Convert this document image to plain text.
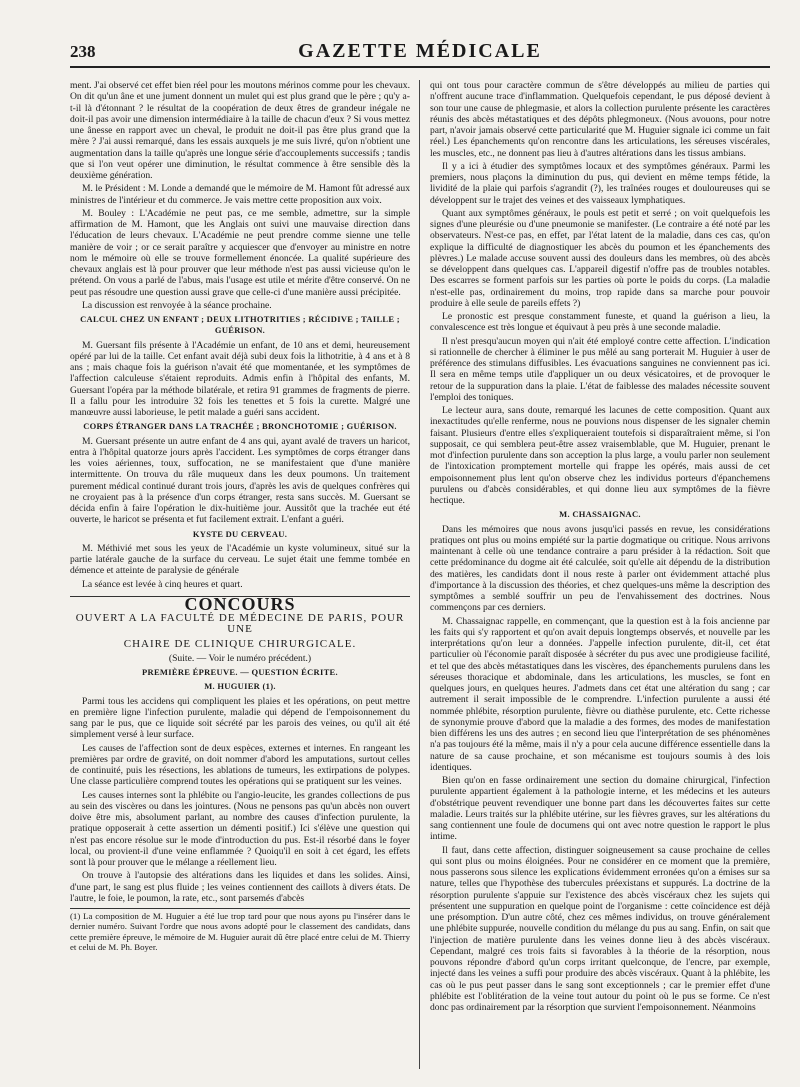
238	GAZETTE MÉDICALE

ment. J'ai observé cet effet bien réel pour les moutons mérinos comme pour les chevaux. On dit qu'un âne et une jument donnent un mulet qui est plus grand que le père ; qu'y a-t-il là d'étonnant ? le résultat de la coopération de deux êtres de grandeur inégale ne doit-il pas avoir une dimension intermédiaire à la taille de chacun d'eux ? Si vous mettez une ânesse en rapport avec un cheval, le produit ne doit-il pas être plus grand que la mère ? J'ai aussi remarqué, dans les essais auxquels je me suis livré, qu'on n'obtient une augmentation dans la taille qu'après une longue série d'accouplements successifs ; tandis que si l'on veut opérer une diminution, le résultat commence à être sensible dès la deuxième génération.

M. le Président : M. Londe a demandé que le mémoire de M. Hamont fût adressé aux ministres de l'intérieur et du commerce. Je vais mettre cette proposition aux voix.

M. Bouley : L'Académie ne peut pas, ce me semble, admettre, sur la simple affirmation de M. Hamont, que les Anglais ont suivi une mauvaise direction dans l'éducation de leurs chevaux. L'Académie ne peut prendre comme sienne une telle manière de voir ; or ce serait paraître y acquiescer que d'envoyer au ministre en notre nom le mémoire où elle se trouve formellement énoncée. La qualité supérieure des chevaux anglais est là pour prouver que leur méthode n'est pas aussi vicieuse qu'on le prétend. On vous a parlé de l'abus, mais l'usage est utile et mérite d'être conservé. On ne peut pas résoudre une question aussi grave que celle-ci d'une manière aussi précipitée.

La discussion est renvoyée à la séance prochaine.

CALCUL CHEZ UN ENFANT ; DEUX LITHOTRITIES ; RÉCIDIVE ; TAILLE ; GUÉRISON.

M. Guersant fils présente à l'Académie un enfant, de 10 ans et demi, heureusement opéré par lui de la taille. Cet enfant avait déjà subi deux fois la lithotritie, à 4 ans et à 8 ans ; mais chaque fois la guérison n'avait été que momentanée, et les symptômes de l'affection calculeuse s'étaient reproduits. Admis enfin à l'hôpital des enfants, M. Guersant l'opéra par la méthode bilatérale, et retira 91 grammes de fragments de pierre. Il a fallu pour les introduire 32 fois les tenettes et 5 fois la curette. Malgré une manœuvre aussi laborieuse, le petit malade a guéri sans accident.

CORPS ÉTRANGER DANS LA TRACHÉE ; BRONCHOTOMIE ; GUÉRISON.

M. Guersant présente un autre enfant de 4 ans qui, ayant avalé de travers un haricot, entra à l'hôpital quatorze jours après l'accident. Les symptômes de corps étranger dans les voies aériennes, toux, suffocation, ne se manifestaient que d'une manière intermittente. On trouva du râle muqueux dans les deux poumons. Un traitement purement médical continué durant trois jours, d'après les avis de quelques confrères qui ne croyaient pas à la présence d'un corps étranger, resta sans succès. M. Guersant se décida enfin à faire l'opération le dix-huitième jour. Aussitôt que la trachée eut été ouverte, le haricot se présenta et fut facilement extrait. L'enfant a guéri.

KYSTE DU CERVEAU.

M. Méthivié met sous les yeux de l'Académie un kyste volumineux, situé sur la partie latérale gauche de la surface du cerveau. Le sujet était une femme tombée en démence et atteinte de paralysie de générale

La séance est levée à cinq heures et quart.

CONCOURS

OUVERT A LA FACULTÉ DE MÉDECINE DE PARIS, POUR UNE

CHAIRE DE CLINIQUE CHIRURGICALE.

(Suite. — Voir le numéro précédent.)

PREMIÈRE ÉPREUVE. — QUESTION ÉCRITE.

M. HUGUIER (1).

Parmi tous les accidens qui compliquent les plaies et les opérations, on peut mettre en première ligne l'infection purulente, maladie qui dépend de l'empoisonnement du sang par le pus, que ce liquide soit sécrété par les parois des veines, ou qu'il ait été simplement versé à leur surface.

Les causes de l'affection sont de deux espèces, externes et internes. En rangeant les premières par ordre de gravité, on doit nommer d'abord les amputations, surtout celles de continuité, puis les résections, les ablations de tumeurs, les extirpations de polypes. Une classe particulière comprend toutes les opérations qui se pratiquent sur les veines.

Les causes internes sont la phlébite ou l'angio-leucite, les grandes collections de pus au sein des viscères ou dans les jointures. (Nous ne pensons pas qu'un abcès non ouvert doive être mis, absolument parlant, au nombre des causes d'infection purulente, la pratique opposerait à cette assertion un démenti positif.) Ici s'élève une question qui n'est pas encore résolue sur le mode d'introduction du pus. Est-il résorbé dans le foyer local, ou provient-il d'une veine enflammée ? Quoiqu'il en soit à cet égard, les effets sont là pour prouver que le mélange a réellement lieu.

On trouve à l'autopsie des altérations dans les liquides et dans les solides. Ainsi, d'une part, le sang est plus fluide ; les veines contiennent des caillots à divers états. De l'autre, le foie, le poumon, la rate, etc., sont parsemés d'abcès

(1) La composition de M. Huguier a été lue trop tard pour que nous ayons pu l'insérer dans le dernier numéro. Suivant l'ordre que nous avons adopté pour le classement des candidats, dans cette première épreuve, le mémoire de M. Huguier aurait dû être placé entre celui de M. Thierry et celui de M. Ph. Boyer.

qui ont tous pour caractère commun de s'être développés au milieu de parties qui n'offrent aucune trace d'inflammation. Quelquefois cependant, le pus déposé devient à son tour une cause de phlegmasie, et alors la collection purulente présente les caractères réunis des abcès métastatiques et des dépôts phlegmoneux. (Nous avouons, pour notre part, n'avoir jamais observé cette particularité que M. Huguier signale ici comme un fait réel.) Les épanchements qu'on rencontre dans les articulations, les séreuses viscérales, les muscles, etc., ne donnent pas lieu à d'autres altérations dans les tissus ambians.

Il y a ici à étudier des symptômes locaux et des symptômes généraux. Parmi les premiers, nous plaçons la diminution du pus, qui devient en même temps fétide, la lividité de la plaie qui parfois s'agrandit (?), les traînées rouges et douloureuses qui se développent sur le trajet des veines et des vaisseaux lymphatiques.

Quant aux symptômes généraux, le pouls est petit et serré ; on voit quelquefois les signes d'une pleurésie ou d'une pneumonie se manifester. (Le contraire a été noté par les observateurs. N'est-ce pas, en effet, par l'état latent de la maladie, dans ces cas, qu'on explique la difficulté de diagnostiquer les abcès du poumon et les épanchements des plèvres.) Le malade accuse souvent aussi des douleurs dans les membres, où des abcès se développent dans quelques cas. L'appareil digestif n'offre pas de troubles notables. Des escarres se forment parfois sur les parties où porte le poids du corps. (La maladie n'est-elle pas, ordinairement du moins, trop rapide dans sa marche pour pouvoir produire à elle seule de pareils effets ?)

Le pronostic est presque constamment funeste, et quand la guérison a lieu, la convalescence est très longue et équivaut à peu près à une seconde maladie.

Il n'est presqu'aucun moyen qui n'ait été employé contre cette affection. L'indication si rationnelle de chercher à éliminer le pus mêlé au sang porterait M. Huguier à user de préférence des stimulans diffusibles. Les évacuations sanguines ne conviennent pas ici. Il sera en même temps utile d'appliquer un ou deux vésicatoires, et de provoquer le retour de la suppuration dans la plaie. L'état de faiblesse des malades nécessite souvent l'emploi des toniques.

Le lecteur aura, sans doute, remarqué les lacunes de cette composition. Quant aux inexactitudes qu'elle renferme, nous ne pouvions nous dispenser de les signaler chemin faisant. Plusieurs d'entre elles s'expliqueraient toutefois si disparaîtraient même, si l'on supposait, ce qui semblera peut-être assez vraisemblable, que M. Huguier, prenant le mot d'infection purulente dans son acception la plus large, a voulu parler non seulement de l'intoxication promptement mortelle qui frappe les opérés, mais aussi de cet empoisonnement plus lent qu'on observe chez les individus porteurs d'épanchemens purulens ou d'abcès considérables, et qui donne lieu aux symptômes de la fièvre hectique.

M. CHASSAIGNAC.

Dans les mémoires que nous avons jusqu'ici passés en revue, les considérations pratiques ont plus ou moins empiété sur la partie dogmatique ou critique. Nous arrivons maintenant à celle où une tendance contraire a paru présider à la rédaction. Soit que cette prédominance du dogme ait été calculée, soit qu'elle ait dépendu de la distribution des matières, les candidats dont il nous reste à parler ont évidemment attaché plus d'importance à la discussion des théories, et chez quelques-uns même la description des symptômes a semblé souffrir un peu de l'envahissement des doctrines. Nous commençons par ces derniers.

M. Chassaignac rappelle, en commençant, que la question est à la fois ancienne par les faits qui s'y rapportent et qu'on avait depuis longtemps observés, et nouvelle par les interprétations qu'on leur a données. J'appelle infection purulente, dit-il, cet état particulier où l'économie paraît disposée à sécréter du pus avec une prodigieuse facilité, et tel que des abcès métastatiques dans les viscères, des épanchements purulens dans les séreuses thoracique et abdominale, dans les articulations, les muscles, se font en quelques jours, en quelques heures. J'admets dans cet état une altération du sang ; car autrement il serait impossible de le comprendre. L'infection purulente a aussi été nommée phlébite, résorption purulente, fièvre ou diathèse purulente, etc. Cette richesse de synonymie prouve d'abord que la maladie a des formes, des modes de manifestation bien différens les uns des autres ; en second lieu que l'interprétation de ses phénomènes n'a pas toujours été la même, mais il n'y a pour cela aucune différence essentielle dans la nature de sa cause prochaine, et son mécanisme est toujours soumis à des lois identiques.

Bien qu'on en fasse ordinairement une section du domaine chirurgical, l'infection purulente appartient également à la pathologie interne, et les médecins et les auteurs d'obstétrique peuvent revendiquer une bonne part dans les découvertes faites sur cette maladie. Leurs traités sur la phlébite utérine, sur les fièvres graves, sur les altérations du sang contiennent une foule de documens qui ont avec notre question le rapport le plus intime.

Il faut, dans cette affection, distinguer soigneusement sa cause prochaine de celles qui sont plus ou moins éloignées. Pour ne considérer en ce moment que la première, nous passerons sous silence les explications évidemment erronées qu'on a émises sur sa nature, telles que l'hypothèse des tubercules préexistans et suppurés. La doctrine de la résorption purulente s'appuie sur l'existence des abcès viscéraux chez les sujets qui présentent une suppuration en quelque point de l'organisme : cette coïncidence est déjà une présomption. D'un autre côté, chez ces mêmes individus, on trouve généralement une phlébite suppurée, nouvelle condition du mélange du pus au sang. Enfin, on sait que l'injection de matière purulente dans les veines donne lieu à des abcès viscéraux. Cependant, malgré ces trois faits si favorables à la théorie de la résorption, nous pouvons répondre d'abord qu'un corps irritant quelconque, de l'encre, par exemple, injecté dans les veines a suffi pour produire des abcès viscéraux. Quant à la phlébite, les cas où le pus peut passer dans le sang sont exceptionnels ; car le premier effet d'une phlébite est l'oblitération de la veine tout autour du point où le pus se forme. Ce n'est donc pas ordinairement par la résorption que survient l'empoisonnement. Néanmoins
